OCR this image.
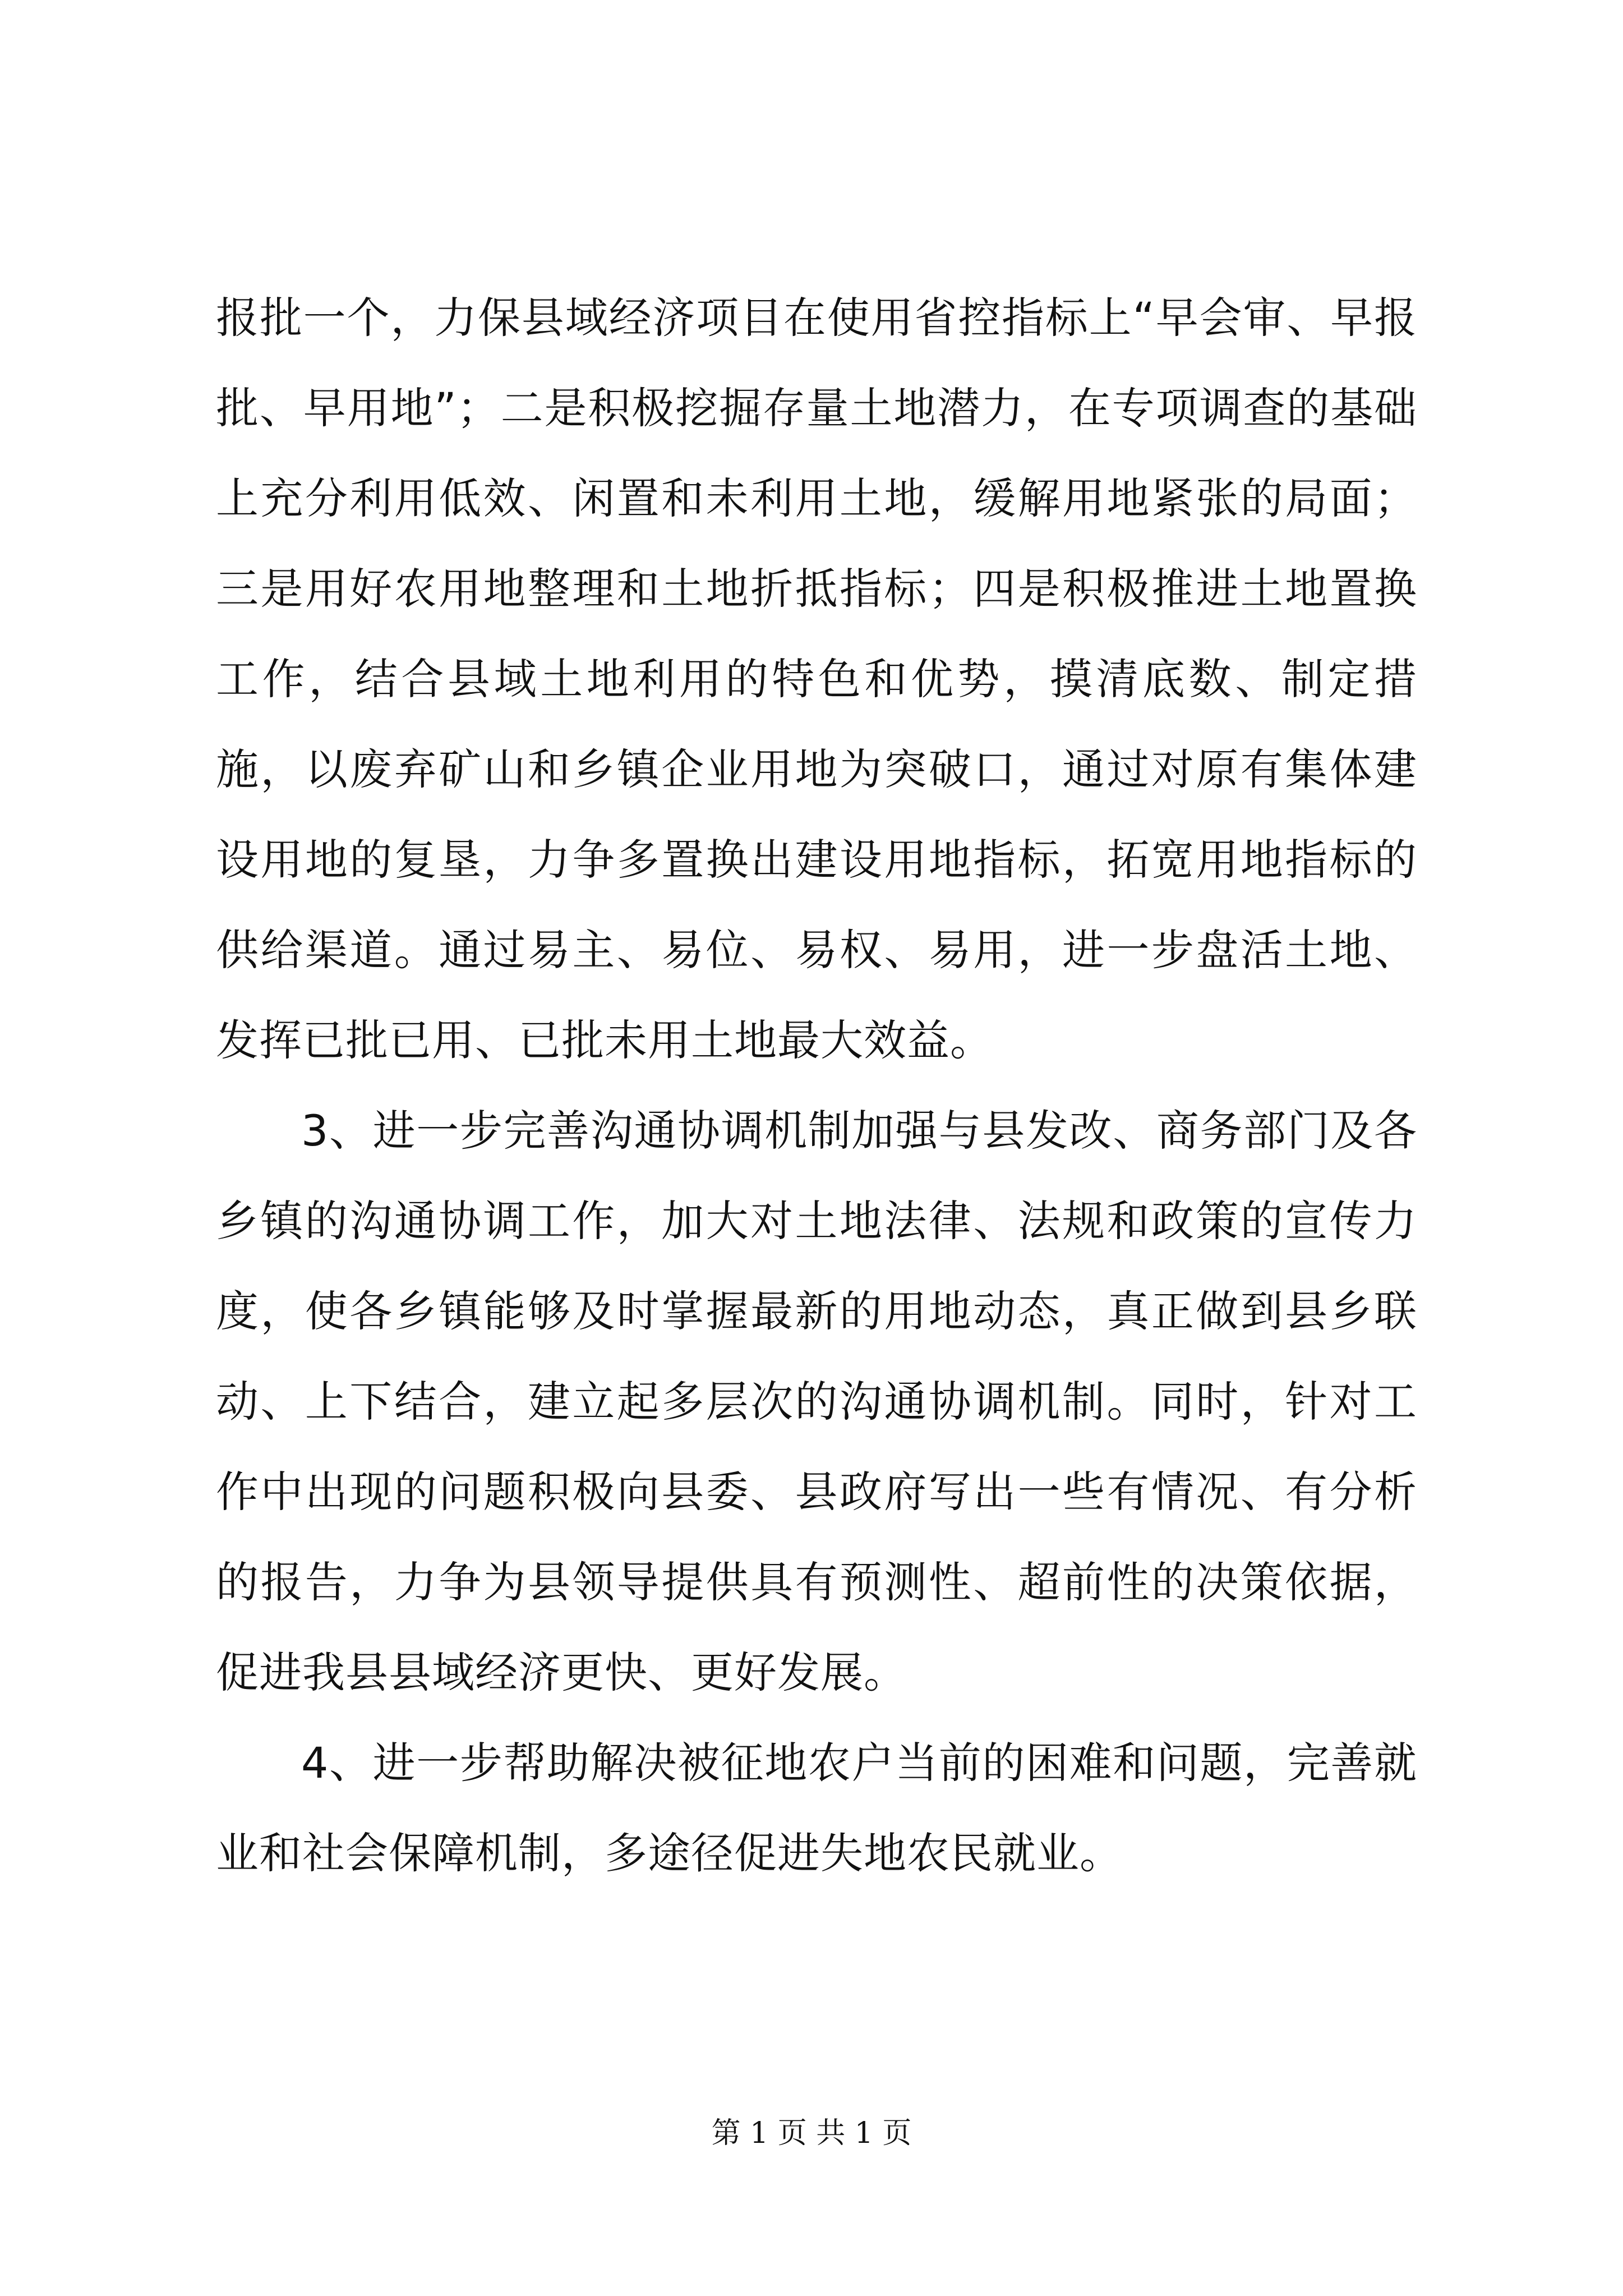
报批一个，力保县域经济项目在使用省控指标上“早会审、早报批、早用地”；二是积极挖掘存量土地潜力，在专项调查的基础上充分利用低效、闲置和未利用土地，缓解用地紧张的局面；三是用好农用地整理和土地折抵指标；四是积极推进土地置换工作，结合县域土地利用的特色和优势，摸清底数、制定措施，以废弃矿山和乡镇企业用地为突破口，通过对原有集体建设用地的复垦，力争多置换出建设用地指标，拓宽用地指标的供给渠道。通过易主、易位、易权、易用，进一步盘活土地、发挥已批已用、已批未用土地最大效益。

3、进一步完善沟通协调机制加强与县发改、商务部门及各乡镇的沟通协调工作，加大对土地法律、法规和政策的宣传力度，使各乡镇能够及时掌握最新的用地动态，真正做到县乡联动、上下结合，建立起多层次的沟通协调机制。同时，针对工作中出现的问题积极向县委、县政府写出一些有情况、有分析的报告，力争为县领导提供具有预测性、超前性的决策依据，促进我县县域经济更快、更好发展。

4、进一步帮助解决被征地农户当前的困难和问题，完善就业和社会保障机制，多途径促进失地农民就业。

第 1 页 共 1 页
